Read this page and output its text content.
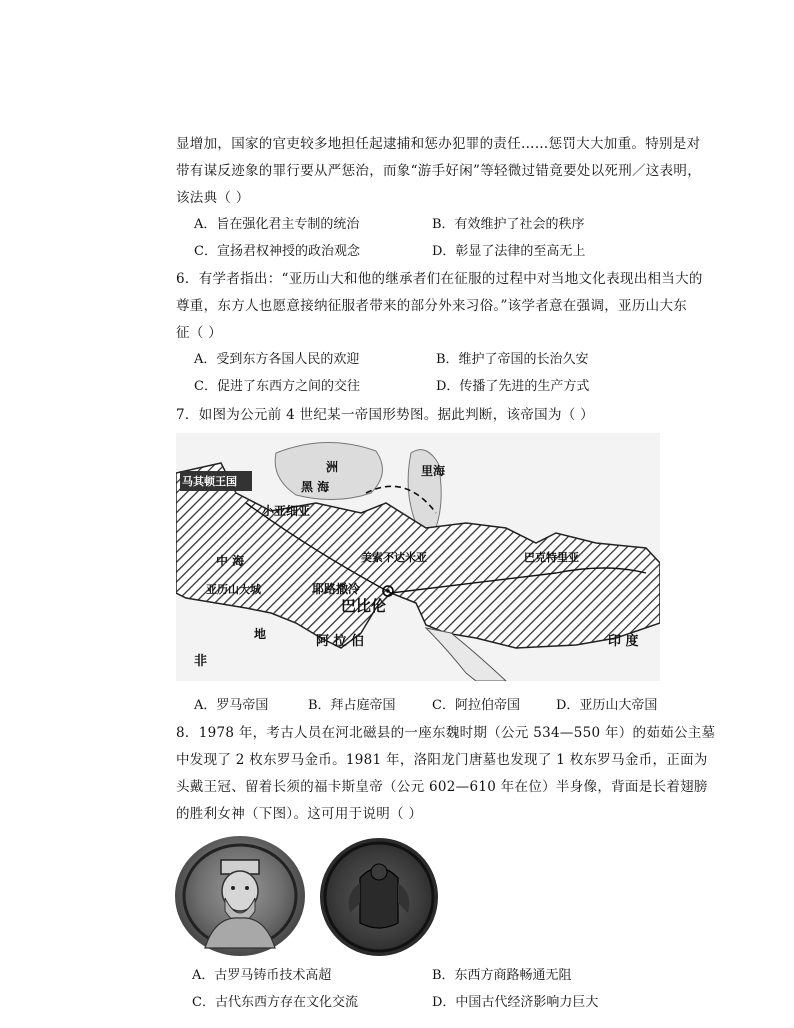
显增加，国家的官吏较多地担任起逮捕和惩办犯罪的责任……惩罚大大加重。特别是对
带有谋反迹象的罪行要从严惩治，而象“游手好闲”等轻微过错竟要处以死刑／这表明，
该法典（ ）
A．旨在强化君主专制的统治	B．有效维护了社会的秩序
C．宣扬君权神授的政治观念	D．彰显了法律的至高无上
6．有学者指出：“亚历山大和他的继承者们在征服的过程中对当地文化表现出相当大的
尊重，东方人也愿意接纳征服者带来的部分外来习俗。”该学者意在强调，亚历山大东
征（ ）
A．受到东方各国人民的欢迎	B．维护了帝国的长治久安
C．促进了东西方之间的交往	D．传播了先进的生产方式
7．如图为公元前 4 世纪某一帝国形势图。据此判断，该帝国为（ ）
马其顿王国
洲
黑 海
里海
小亚细亚
中 海
地
亚历山大城
美索不达米亚	巴克特里亚
耶路撒冷
巴比伦
阿 拉 伯	印 度
非
A．罗马帝国	B．拜占庭帝国	C．阿拉伯帝国	D．亚历山大帝国
8．1978 年，考古人员在河北磁县的一座东魏时期（公元 534—550 年）的茹茹公主墓
中发现了 2 枚东罗马金币。1981 年，洛阳龙门唐墓也发现了 1 枚东罗马金币，正面为
头戴王冠、留着长须的福卡斯皇帝（公元 602—610 年在位）半身像，背面是长着翅膀
的胜利女神（下图）。这可用于说明（ ）
A．古罗马铸币技术高超	B．东西方商路畅通无阻
C．古代东西方存在文化交流	D．中国古代经济影响力巨大
